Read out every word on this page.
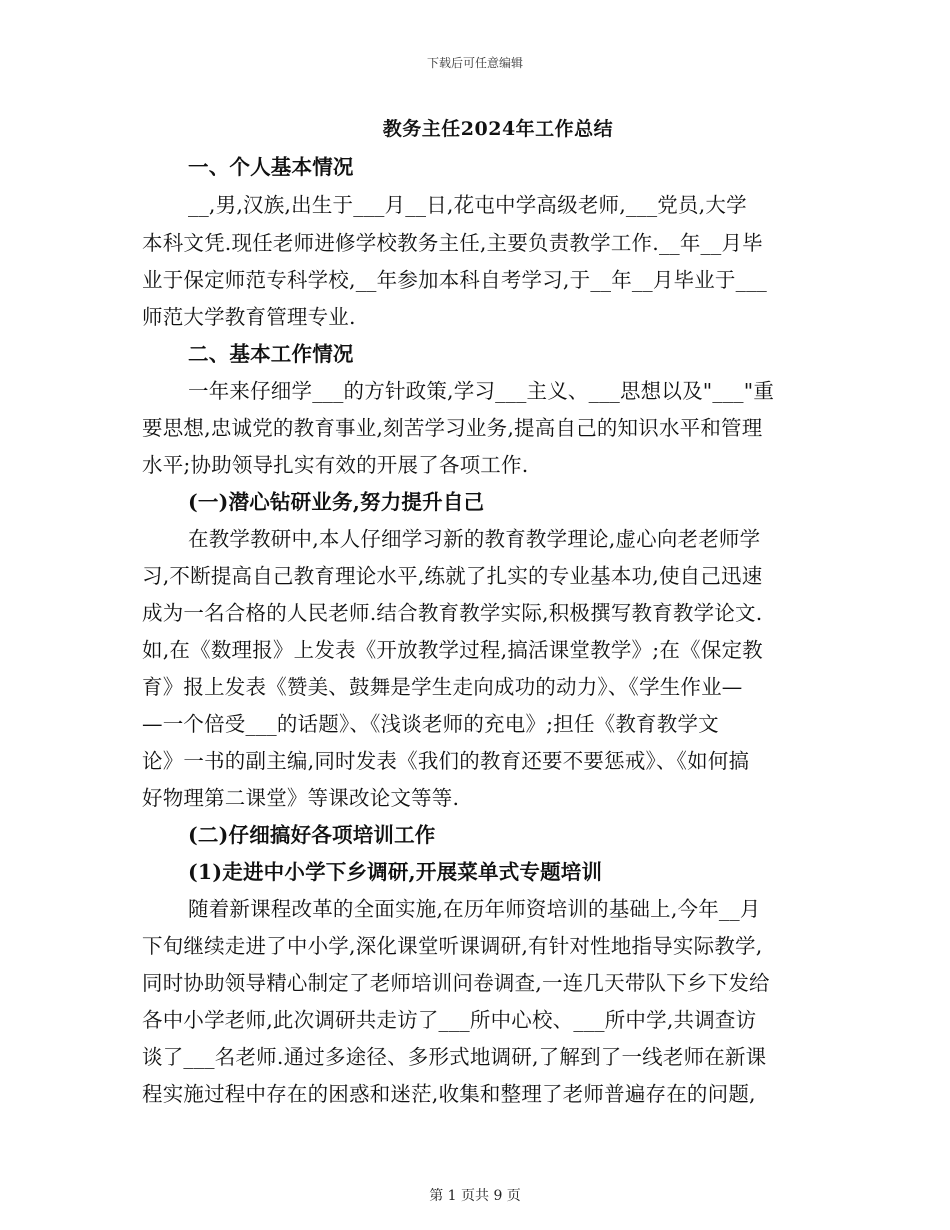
下载后可任意编辑
教务主任2024年工作总结
一、个人基本情况
__,男,汉族,出生于___月__日,花屯中学高级老师,___党员,大学
本科文凭.现任老师进修学校教务主任,主要负责教学工作.__年__月毕
业于保定师范专科学校,__年参加本科自考学习,于__年__月毕业于___
师范大学教育管理专业.
二、基本工作情况
一年来仔细学___的方针政策,学习___主义、___思想以及"___"重
要思想,忠诚党的教育事业,刻苦学习业务,提高自己的知识水平和管理
水平;协助领导扎实有效的开展了各项工作.
(一)潜心钻研业务,努力提升自己
在教学教研中,本人仔细学习新的教育教学理论,虚心向老老师学
习,不断提高自己教育理论水平,练就了扎实的专业基本功,使自己迅速
成为一名合格的人民老师.结合教育教学实际,积极撰写教育教学论文.
如,在《数理报》上发表《开放教学过程,搞活课堂教学》;在《保定教
育》报上发表《赞美、鼓舞是学生走向成功的动力》、《学生作业—
—一个倍受___的话题》、《浅谈老师的充电》;担任《教育教学文
论》一书的副主编,同时发表《我们的教育还要不要惩戒》、《如何搞
好物理第二课堂》等课改论文等等.
(二)仔细搞好各项培训工作
(1)走进中小学下乡调研,开展菜单式专题培训
随着新课程改革的全面实施,在历年师资培训的基础上,今年__月
下旬继续走进了中小学,深化课堂听课调研,有针对性地指导实际教学,
同时协助领导精心制定了老师培训问卷调查,一连几天带队下乡下发给
各中小学老师,此次调研共走访了___所中心校、___所中学,共调查访
谈了___名老师.通过多途径、多形式地调研,了解到了一线老师在新课
程实施过程中存在的困惑和迷茫,收集和整理了老师普遍存在的问题,
第 1 页共 9 页
